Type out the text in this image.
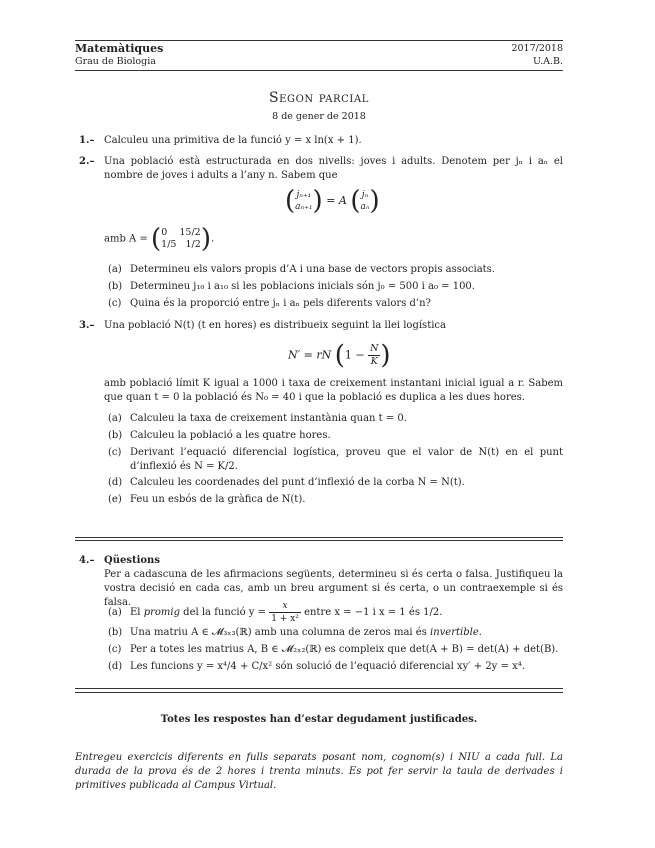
Matemàtiques
Grau de Biologia
2017/2018
U.A.B.
Segon parcial
8 de gener de 2018
1.– Calculeu una primitiva de la funció y = x ln(x + 1).
2.– Una població està estructurada en dos nivells: joves i adults. Denotem per jₙ i aₙ el nombre de joves i adults a l’any n. Sabem que
(jₙ₊₁
aₙ₊₁) = A (jₙ
aₙ)
amb A = (0 15/2
1/5 1/2).
(a) Determineu els valors propis d’A i una base de vectors propis associats.
(b) Determineu j₁₀ i a₁₀ si les poblacions inicials són j₀ = 500 i a₀ = 100.
(c) Quina és la proporció entre jₙ i aₙ pels diferents valors d’n?
3.– Una població N(t) (t en hores) es distribueix seguint la llei logística
N′ = rN ($1 - \frac{N}{K}$ )
amb població límit K igual a 1000 i taxa de creixement instantani inicial igual a r. Sabem que quan t = 0 la població és N₀ = 40 i que la població es duplica a les dues hores.
(a) Calculeu la taxa de creixement instantània quan t = 0.
(b) Calculeu la població a les quatre hores.
(c) Derivant l’equació diferencial logística, proveu que el valor de N(t) en el punt d’inflexió és N = K/2.
(d) Calculeu les coordenades del punt d’inflexió de la corba N = N(t).
(e) Feu un esbós de la gràfica de N(t).
4.– Qüestions
Per a cadascuna de les afirmacions següents, determineu si és certa o falsa. Justifiqueu la vostra decisió en cada cas, amb un breu argument si és certa, o un contraexemple si és falsa.
(a) El promig del la funció $y = \frac{x}{\text{1 + x²}}$ entre x = −1 i x = 1 és 1/2.
(b) Una matriu A ∈ 𝓜₃ₓ₃(ℝ) amb una columna de zeros mai és invertible.
(c) Per a totes les matrius A, B ∈ 𝓜₂ₓ₂(ℝ) es compleix que det(A + B) = det(A) + det(B).
(d) Les funcions y = x⁴/4 + C/x² són solució de l’equació diferencial xy′ + 2y = x⁴.
Totes les respostes han d’estar degudament justificades.
Entregeu exercicis diferents en fulls separats posant nom, cognom(s) i NIU a cada full. La durada de la prova és de 2 hores i trenta minuts. Es pot fer servir la taula de derivades i primitives publicada al Campus Virtual.
